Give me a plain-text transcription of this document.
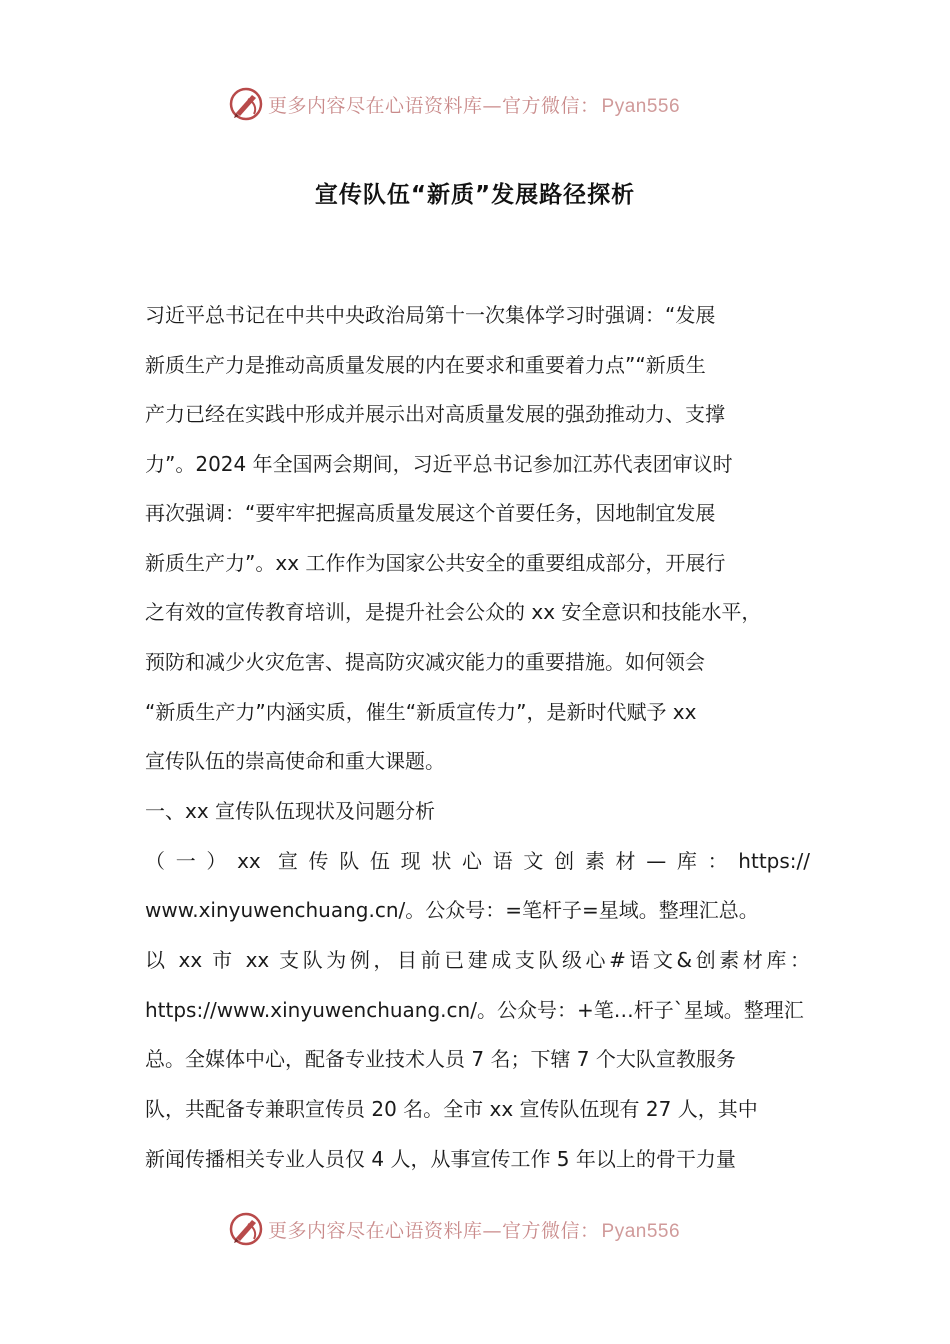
更多内容尽在心语资料库—官方微信： Pyan556
宣传队伍“新质”发展路径探析
习近平总书记在中共中央政治局第十一次集体学习时强调：“发展
新质生产力是推动高质量发展的内在要求和重要着力点”“新质生
产力已经在实践中形成并展示出对高质量发展的强劲推动力、支撑
力”。2024 年全国两会期间，习近平总书记参加江苏代表团审议时
再次强调：“要牢牢把握高质量发展这个首要任务，因地制宜发展
新质生产力”。xx 工作作为国家公共安全的重要组成部分，开展行
之有效的宣传教育培训，是提升社会公众的 xx 安全意识和技能水平，
预防和减少火灾危害、提高防灾减灾能力的重要措施。如何领会
“新质生产力”内涵实质，催生“新质宣传力”，是新时代赋予 xx
宣传队伍的崇高使命和重大课题。
一、xx 宣传队伍现状及问题分析
（一）xx 宣传队伍现状心语文创素材—库：https://
www.xinyuwenchuang.cn/。公众号：=笔杆子=星域。整理汇总。
以 xx 市 xx 支队为例，目前已建成支队级心#语文&创素材库：
https://www.xinyuwenchuang.cn/。公众号：+笔…杆子`星域。整理汇
总。全媒体中心，配备专业技术人员 7 名；下辖 7 个大队宣教服务
队，共配备专兼职宣传员 20 名。全市 xx 宣传队伍现有 27 人，其中
新闻传播相关专业人员仅 4 人，从事宣传工作 5 年以上的骨干力量
更多内容尽在心语资料库—官方微信： Pyan556
